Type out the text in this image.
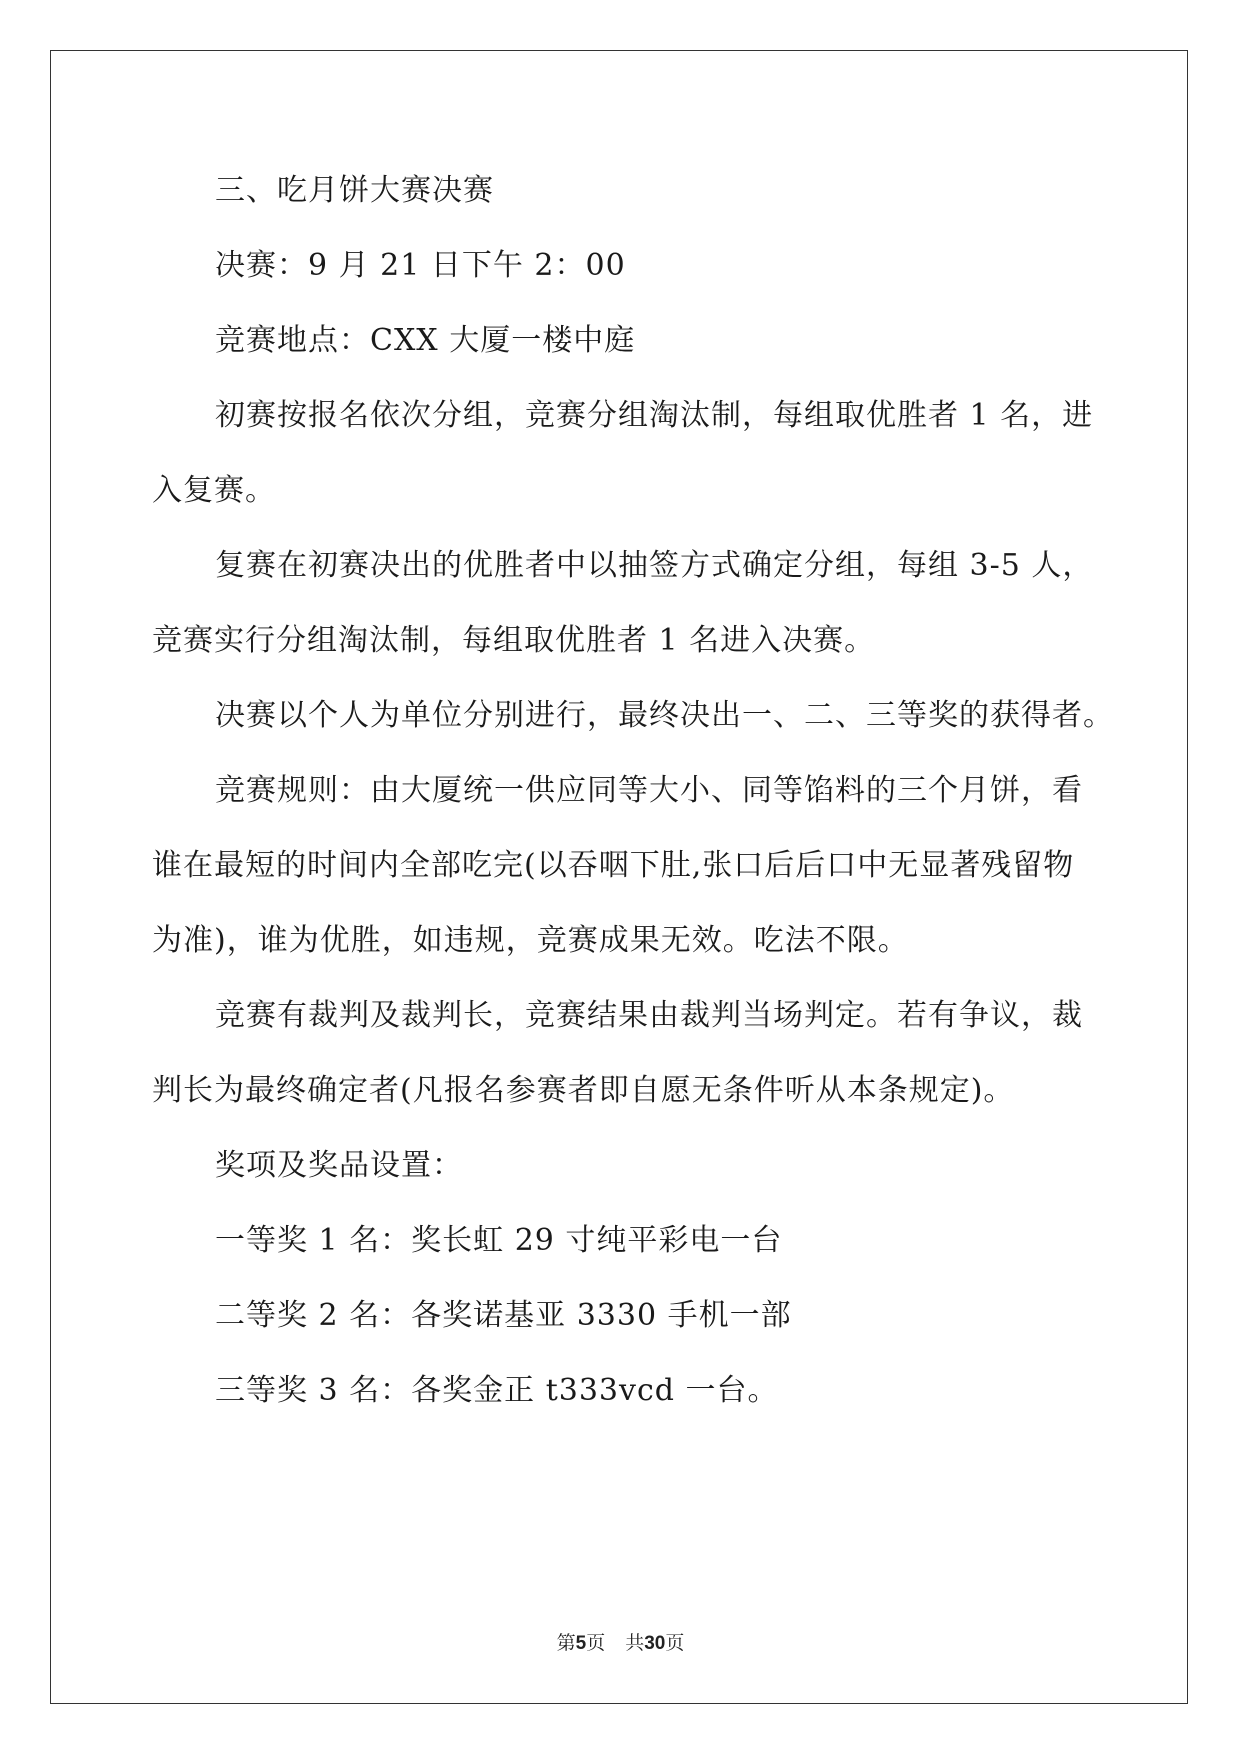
三、吃月饼大赛决赛
决赛：9 月 21 日下午 2：00
竞赛地点：CXX 大厦一楼中庭
初赛按报名依次分组，竞赛分组淘汰制，每组取优胜者 1 名，进
入复赛。
复赛在初赛决出的优胜者中以抽签方式确定分组，每组 3-5 人，
竞赛实行分组淘汰制，每组取优胜者 1 名进入决赛。
决赛以个人为单位分别进行，最终决出一、二、三等奖的获得者。
竞赛规则：由大厦统一供应同等大小、同等馅料的三个月饼，看
谁在最短的时间内全部吃完(以吞咽下肚,张口后后口中无显著残留物
为准)，谁为优胜，如违规，竞赛成果无效。吃法不限。
竞赛有裁判及裁判长，竞赛结果由裁判当场判定。若有争议，裁
判长为最终确定者(凡报名参赛者即自愿无条件听从本条规定)。
奖项及奖品设置：
一等奖 1 名：奖长虹 29 寸纯平彩电一台
二等奖 2 名：各奖诺基亚 3330 手机一部
三等奖 3 名：各奖金正 t333vcd 一台。
第5页 共30页
